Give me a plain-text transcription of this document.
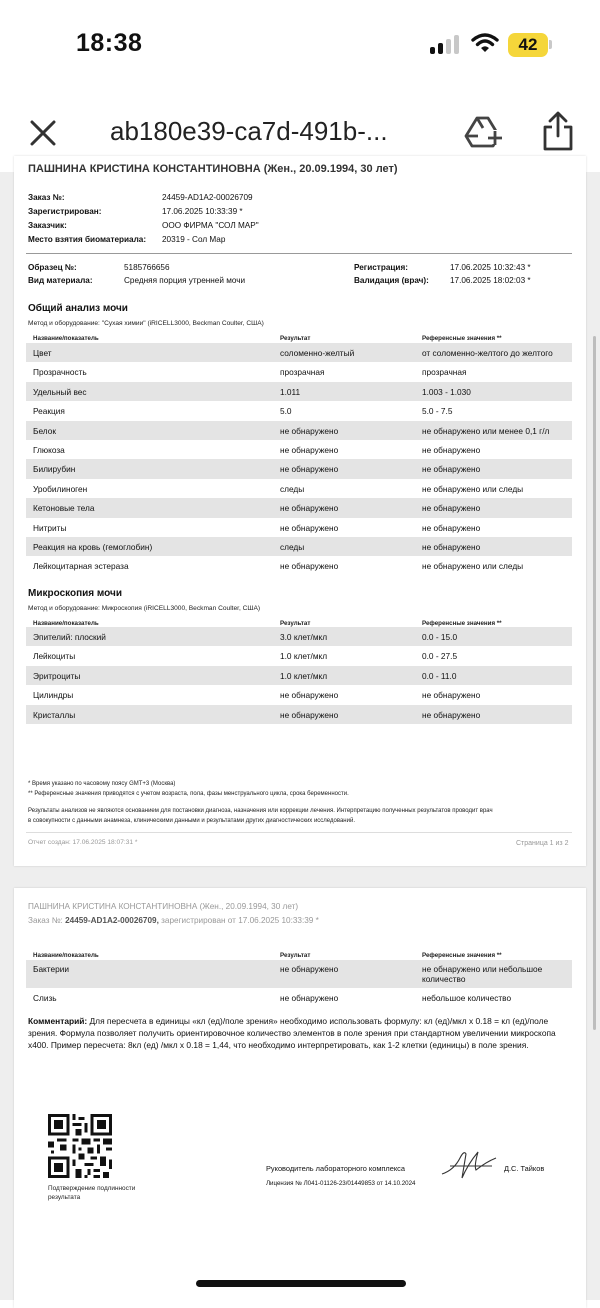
18:38	42
ab180e39-ca7d-491b-...
ПАШНИНА КРИСТИНА КОНСТАНТИНОВНА (Жен., 20.09.1994, 30 лет)
Заказ №:	24459-AD1A2-00026709
Зарегистрирован:	17.06.2025 10:33:39 *
Заказчик:	ООО ФИРМА "СОЛ МАР"
Место взятия биоматериала: 20319 - Сол Мар
Образец №:	5185766656
Вид материала:	Средняя порция утренней мочи
Регистрация:	17.06.2025 10:32:43 *
Валидация (врач):	17.06.2025 18:02:03 *
Общий анализ мочи
Метод и оборудование: "Сухая химии" (iRICELL3000, Beckman Coulter, США)
Название/показатель	Результат	Референсные значения **
Цвет	соломенно-желтый	от соломенно-желтого до желтого
Прозрачность	прозрачная	прозрачная
Удельный вес	1.011	1.003 - 1.030
Реакция	5.0	5.0 - 7.5
Белок	не обнаружено	не обнаружено или менее 0,1 г/л
Глюкоза	не обнаружено	не обнаружено
Билирубин	не обнаружено	не обнаружено
Уробилиноген	следы	не обнаружено или следы
Кетоновые тела	не обнаружено	не обнаружено
Нитриты	не обнаружено	не обнаружено
Реакция на кровь (гемоглобин)	следы	не обнаружено
Лейкоцитарная эстераза	не обнаружено	не обнаружено или следы
Микроскопия мочи
Метод и оборудование: Микроскопия (iRICELL3000, Beckman Coulter, США)
Название/показатель	Результат	Референсные значения **
Эпителий: плоский	3.0 клет/мкл	0.0 - 15.0
Лейкоциты	1.0 клет/мкл	0.0 - 27.5
Эритроциты	1.0 клет/мкл	0.0 - 11.0
Цилиндры	не обнаружено	не обнаружено
Кристаллы	не обнаружено	не обнаружено
* Время указано по часовому поясу GMT+3 (Москва)
** Референсные значения приводятся с учетом возраста, пола, фазы менструального цикла, срока беременности.
Результаты анализов не являются основанием для постановки диагноза, назначения или коррекции лечения. Интерпретацию полученных результатов проводит врач
в совокупности с данными анамнеза, клиническими данными и результатами других диагностических исследований.
Отчет создан: 17.06.2025 18:07:31 *	Страница 1 из 2
ПАШНИНА КРИСТИНА КОНСТАНТИНОВНА (Жен., 20.09.1994, 30 лет)
Заказ №: 24459-AD1A2-00026709, зарегистрирован от 17.06.2025 10:33:39 *
Название/показатель	Результат	Референсные значения **
Бактерии	не обнаружено	не обнаружено или небольшое количество
Слизь	не обнаружено	небольшое количество
Комментарий: Для пересчета в единицы «кл (ед)/поле зрения» необходимо использовать формулу: кл (ед)/мкл х 0.18 = кл (ед)/поле зрения. Формула позволяет получить ориентировочное количество элементов в поле зрения при стандартном увеличении микроскопа х400. Пример пересчета: 8кл (ед) /мкл х 0.18 = 1,44, что необходимо интерпретировать, как 1-2 клетки (единицы) в поле зрения.
Подтверждение подлинности результата
Руководитель лабораторного комплекса	Д.С. Тайков
Лицензия № Л041-01126-23/01449853 от 14.10.2024
